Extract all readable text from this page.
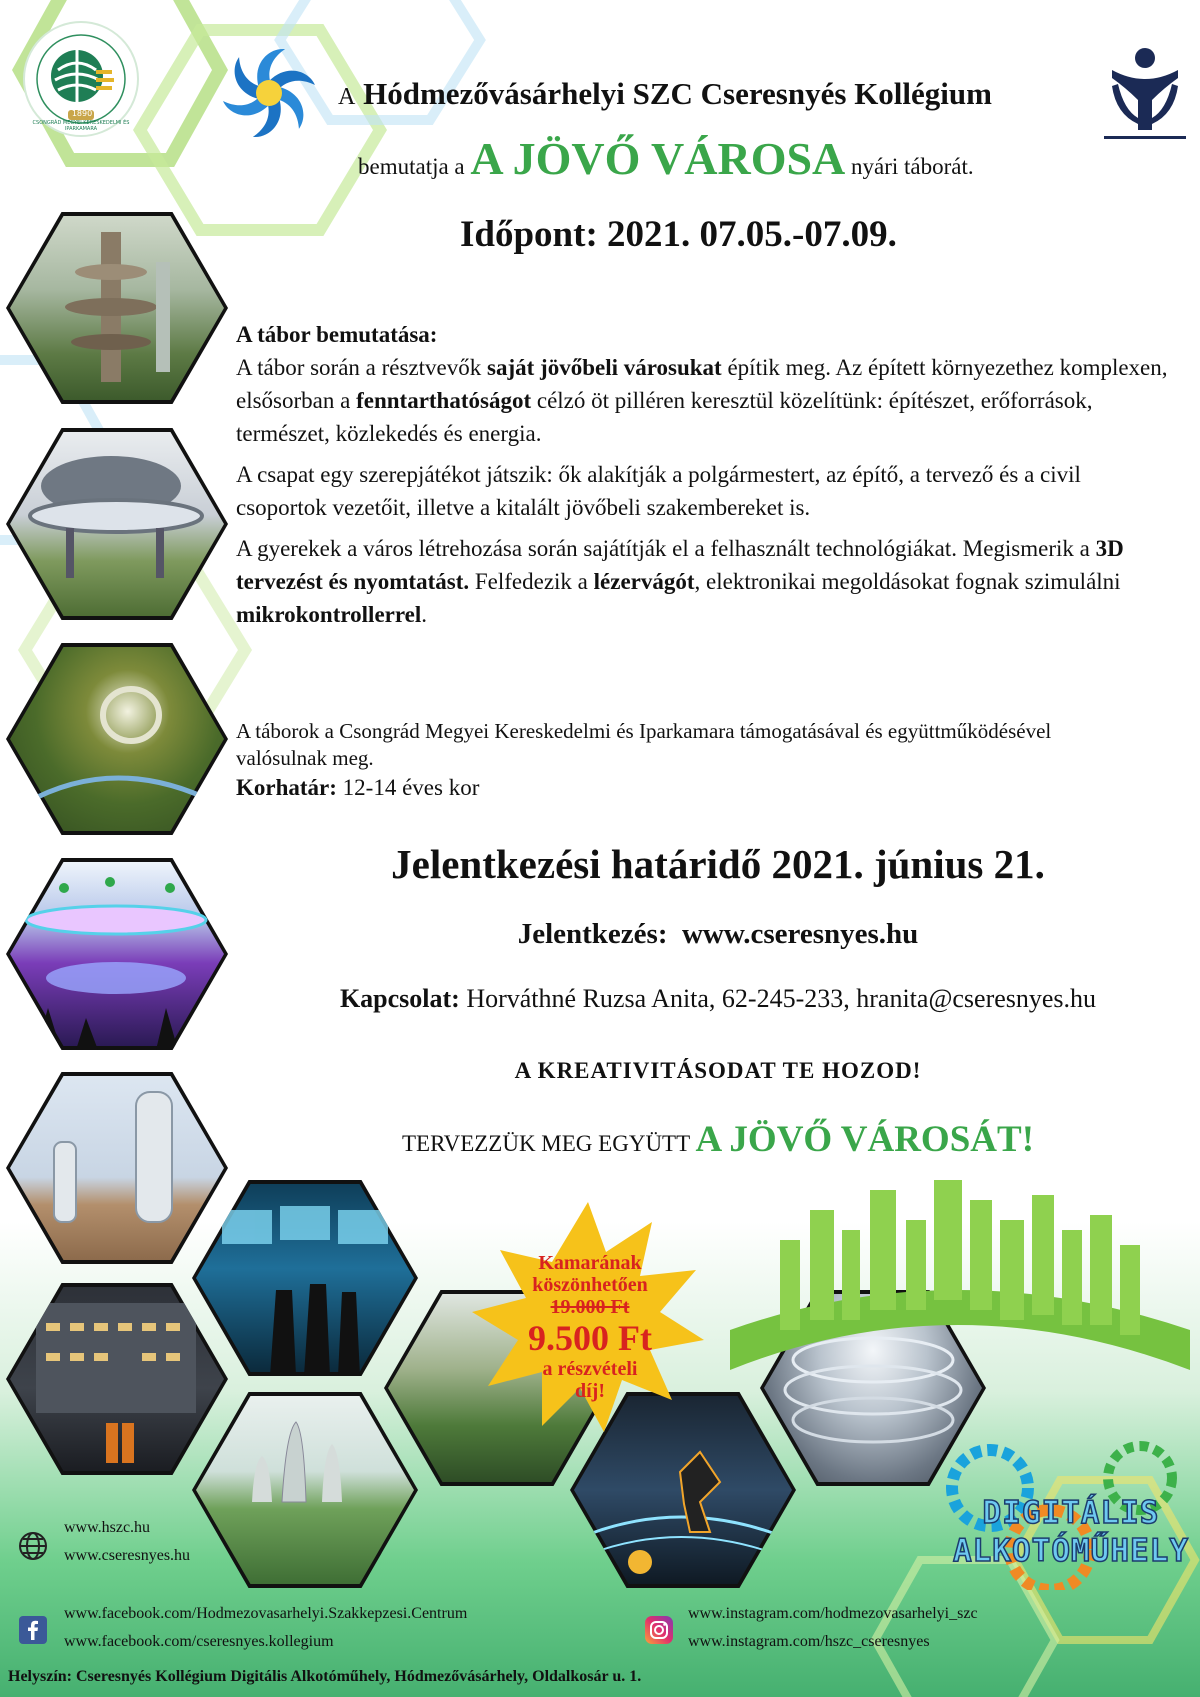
1890
CSONGRÁD MEGYEI KERESKEDELMI ÉS IPARKAMARA
A Hódmezővásárhelyi SZC Cseresnyés Kollégium
bemutatja a A JÖVŐ VÁROSA nyári táborát.
Időpont: 2021. 07.05.-07.09.
A tábor bemutatása:
A tábor során a résztvevők saját jövőbeli városukat építik meg. Az épített környezethez komplexen, elsősorban a fenntarthatóságot célzó öt pilléren keresztül közelítünk: építészet, erőforrások, természet, közlekedés és energia.
A csapat egy szerepjátékot játszik: ők alakítják a polgármestert, az építő, a tervező és a civil csoportok vezetőit, illetve a kitalált jövőbeli szakembereket is.
A gyerekek a város létrehozása során sajátítják el a felhasznált technológiákat. Megismerik a 3D tervezést és nyomtatást. Felfedezik a lézervágót, elektronikai megoldásokat fognak szimulálni mikrokontrollerrel.
A táborok a Csongrád Megyei Kereskedelmi és Iparkamara támogatásával és együttműködésével valósulnak meg.
Korhatár: 12-14 éves kor
Jelentkezési határidő 2021. június 21.
Jelentkezés: www.cseresnyes.hu
Kapcsolat: Horváthné Ruzsa Anita, 62-245-233, hranita@cseresnyes.hu
A KREATIVITÁSODAT TE HOZOD!
TERVEZZÜK MEG EGYÜTT A JÖVŐ VÁROSÁT!
Kamarának
köszönhetően
19.000 Ft
9.500 Ft
a részvételi
díj!
DIGITÁLIS
ALKOTÓMŰHELY
www.hszc.hu
www.cseresnyes.hu
www.facebook.com/Hodmezovasarhelyi.Szakkepzesi.Centrum
www.facebook.com/cseresnyes.kollegium
www.instagram.com/hodmezovasarhelyi_szc
www.instagram.com/hszc_cseresnyes
Helyszín: Cseresnyés Kollégium Digitális Alkotóműhely, Hódmezővásárhely, Oldalkosár u. 1.
